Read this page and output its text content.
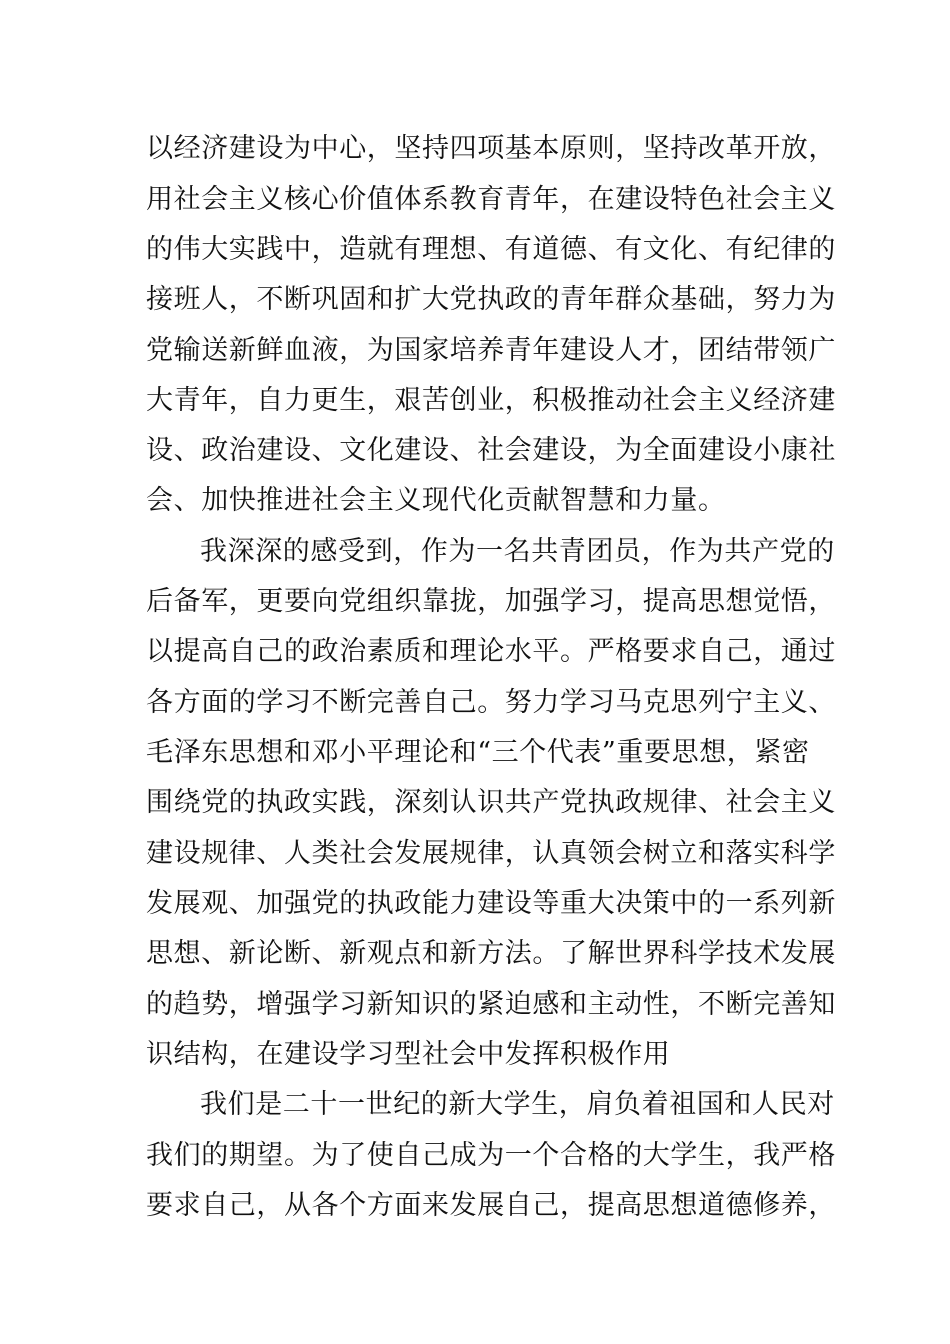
以经济建设为中心，坚持四项基本原则，坚持改革开放，
用社会主义核心价值体系教育青年，在建设特色社会主义
的伟大实践中，造就有理想、有道德、有文化、有纪律的
接班人，不断巩固和扩大党执政的青年群众基础，努力为
党输送新鲜血液，为国家培养青年建设人才，团结带领广
大青年，自力更生，艰苦创业，积极推动社会主义经济建
设、政治建设、文化建设、社会建设，为全面建设小康社
会、加快推进社会主义现代化贡献智慧和力量。
我深深的感受到，作为一名共青团员，作为共产党的
后备军，更要向党组织靠拢，加强学习，提高思想觉悟，
以提高自己的政治素质和理论水平。严格要求自己，通过
各方面的学习不断完善自己。努力学习马克思列宁主义、
毛泽东思想和邓小平理论和“三个代表”重要思想，紧密
围绕党的执政实践，深刻认识共产党执政规律、社会主义
建设规律、人类社会发展规律，认真领会树立和落实科学
发展观、加强党的执政能力建设等重大决策中的一系列新
思想、新论断、新观点和新方法。了解世界科学技术发展
的趋势，增强学习新知识的紧迫感和主动性，不断完善知
识结构，在建设学习型社会中发挥积极作用
我们是二十一世纪的新大学生，肩负着祖国和人民对
我们的期望。为了使自己成为一个合格的大学生，我严格
要求自己，从各个方面来发展自己，提高思想道德修养，
